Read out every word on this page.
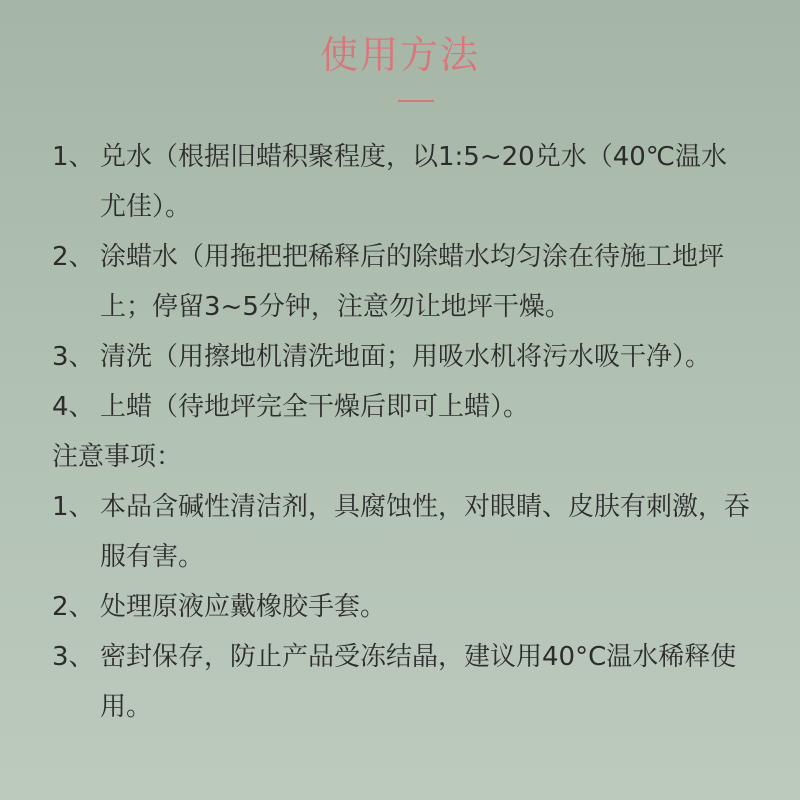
使用方法
1、 兑水（根据旧蜡积聚程度，以1:5~20兑水（40℃温水尤佳）。
2、 涂蜡水（用拖把把稀释后的除蜡水均匀涂在待施工地坪上；停留3~5分钟，注意勿让地坪干燥。
3、 清洗（用擦地机清洗地面；用吸水机将污水吸干净）。
4、 上蜡（待地坪完全干燥后即可上蜡）。
注意事项：
1、 本品含碱性清洁剂，具腐蚀性，对眼睛、皮肤有刺激，吞服有害。
2、 处理原液应戴橡胶手套。
3、 密封保存，防止产品受冻结晶，建议用40°C温水稀释使用。
